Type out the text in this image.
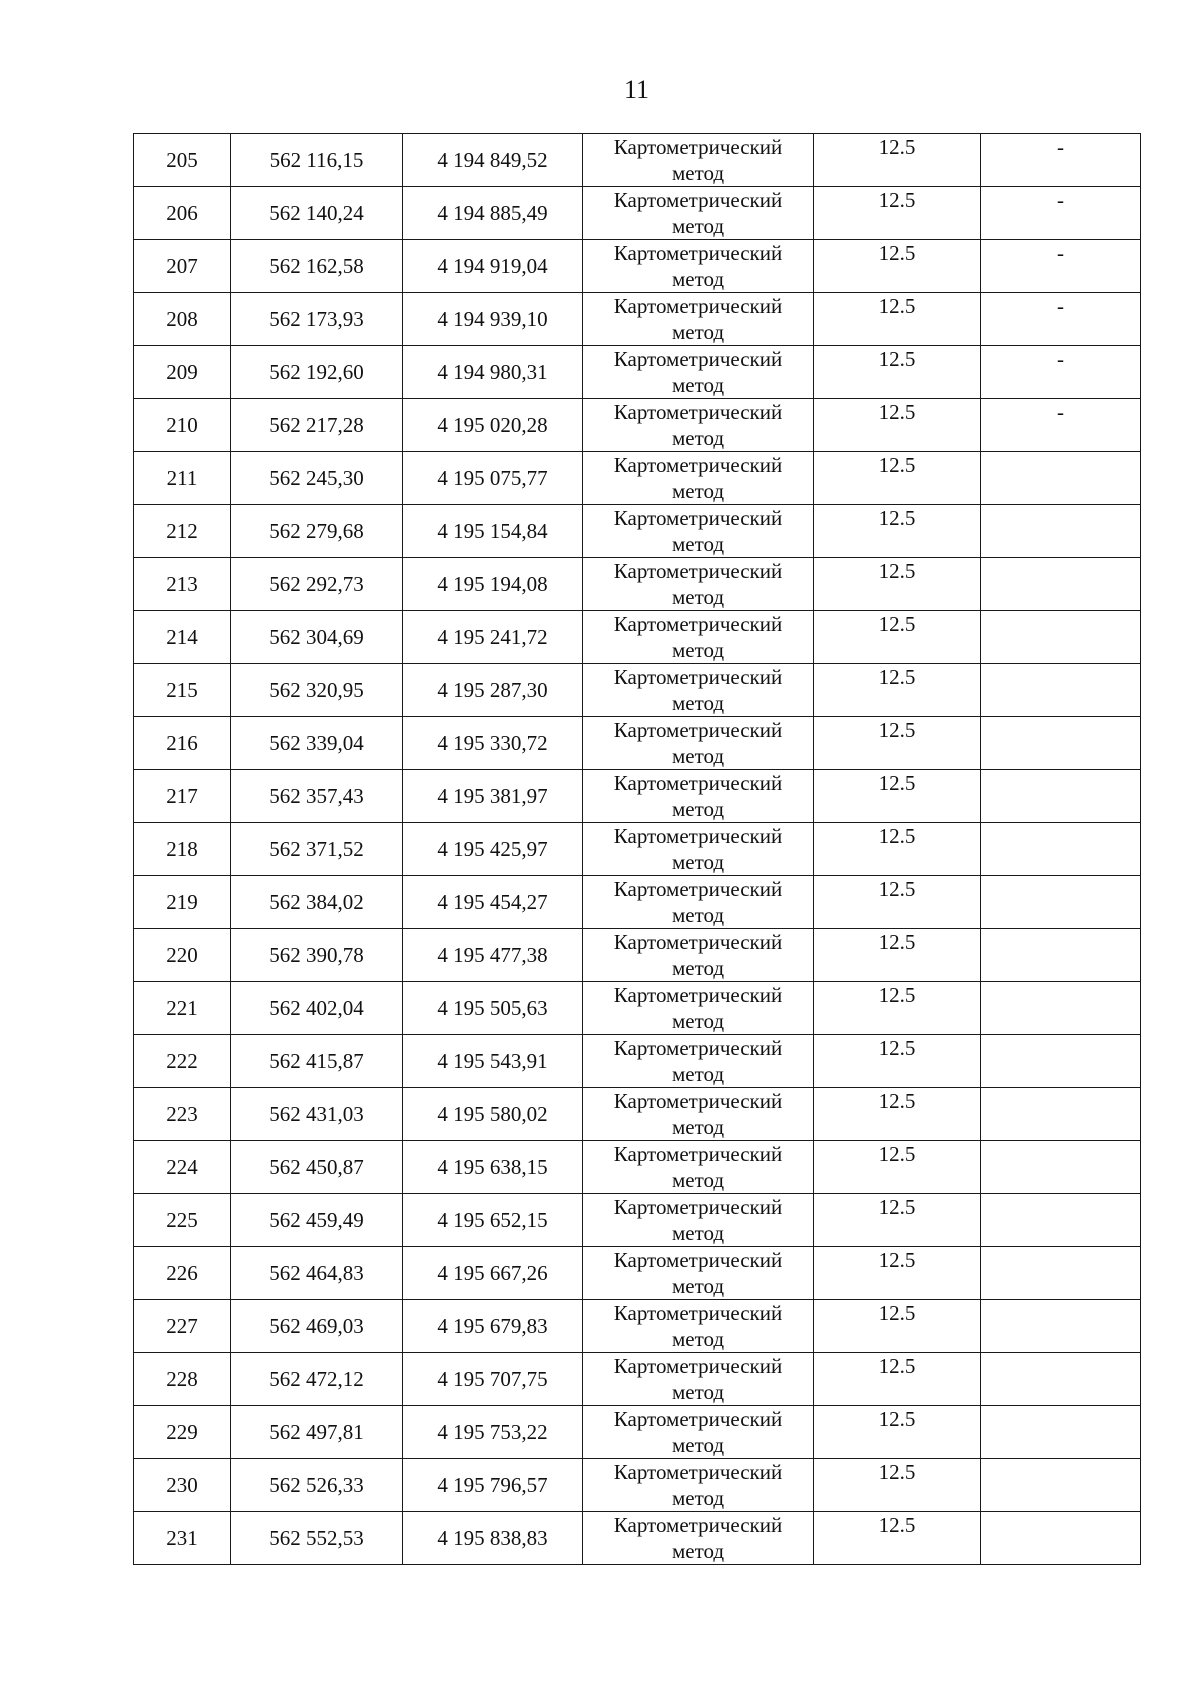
11
205	562 116,15	4 194 849,52	Картометрический
метод	12.5	-
206	562 140,24	4 194 885,49	Картометрический
метод	12.5	-
207	562 162,58	4 194 919,04	Картометрический
метод	12.5	-
208	562 173,93	4 194 939,10	Картометрический
метод	12.5	-
209	562 192,60	4 194 980,31	Картометрический
метод	12.5	-
210	562 217,28	4 195 020,28	Картометрический
метод	12.5	-
211	562 245,30	4 195 075,77	Картометрический
метод	12.5	
212	562 279,68	4 195 154,84	Картометрический
метод	12.5	
213	562 292,73	4 195 194,08	Картометрический
метод	12.5	
214	562 304,69	4 195 241,72	Картометрический
метод	12.5	
215	562 320,95	4 195 287,30	Картометрический
метод	12.5	
216	562 339,04	4 195 330,72	Картометрический
метод	12.5	
217	562 357,43	4 195 381,97	Картометрический
метод	12.5	
218	562 371,52	4 195 425,97	Картометрический
метод	12.5	
219	562 384,02	4 195 454,27	Картометрический
метод	12.5	
220	562 390,78	4 195 477,38	Картометрический
метод	12.5	
221	562 402,04	4 195 505,63	Картометрический
метод	12.5	
222	562 415,87	4 195 543,91	Картометрический
метод	12.5	
223	562 431,03	4 195 580,02	Картометрический
метод	12.5	
224	562 450,87	4 195 638,15	Картометрический
метод	12.5	
225	562 459,49	4 195 652,15	Картометрический
метод	12.5	
226	562 464,83	4 195 667,26	Картометрический
метод	12.5	
227	562 469,03	4 195 679,83	Картометрический
метод	12.5	
228	562 472,12	4 195 707,75	Картометрический
метод	12.5	
229	562 497,81	4 195 753,22	Картометрический
метод	12.5	
230	562 526,33	4 195 796,57	Картометрический
метод	12.5	
231	562 552,53	4 195 838,83	Картометрический
метод	12.5	
